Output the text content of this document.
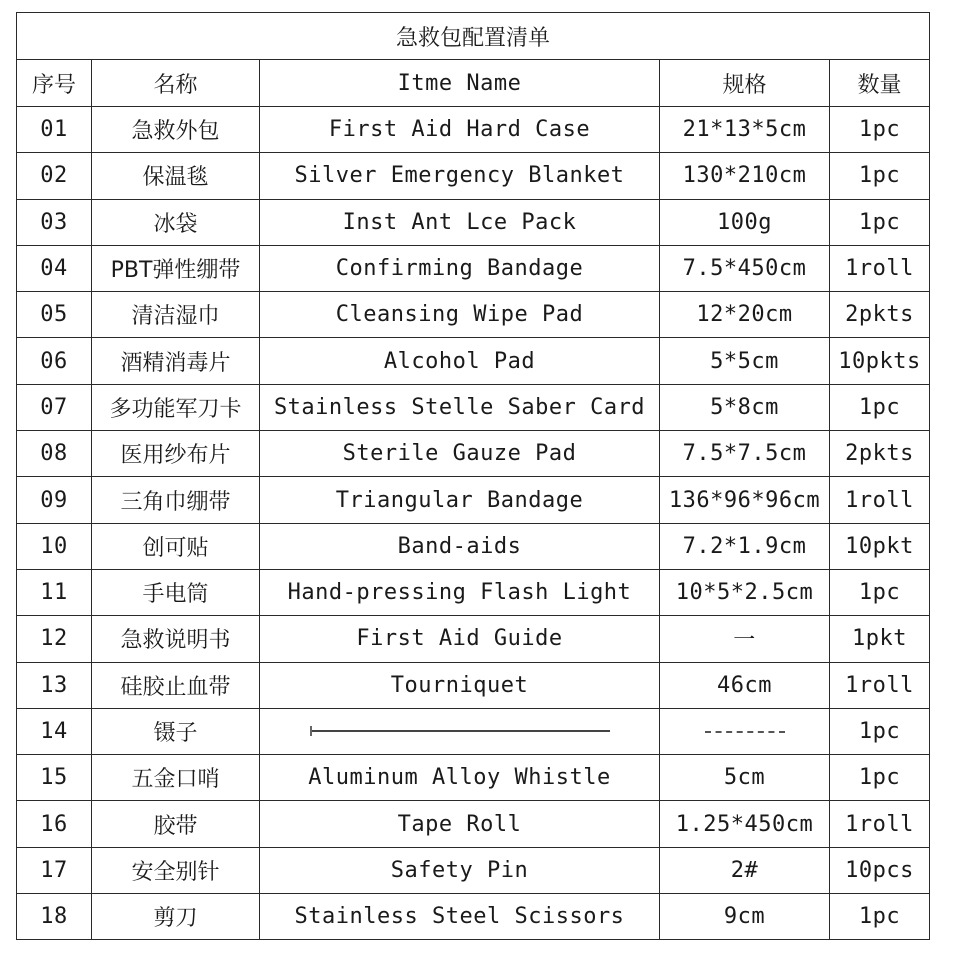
急救包配置清单				
序号	名称	Itme Name	规格	数量
01	急救外包	First Aid Hard Case	21*13*5cm	1pc
02	保温毯	Silver Emergency Blanket	130*210cm	1pc
03	冰袋	Inst Ant Lce Pack	100g	1pc
04	PBT弹性绷带	Confirming Bandage	7.5*450cm	1roll
05	清洁湿巾	Cleansing Wipe Pad	12*20cm	2pkts
06	酒精消毒片	Alcohol Pad	5*5cm	10pkts
07	多功能军刀卡	Stainless Stelle Saber Card	5*8cm	1pc
08	医用纱布片	Sterile Gauze Pad	7.5*7.5cm	2pkts
09	三角巾绷带	Triangular Bandage	136*96*96cm	1roll
10	创可贴	Band-aids	7.2*1.9cm	10pkt
11	手电筒	Hand-pressing Flash Light	10*5*2.5cm	1pc
12	急救说明书	First Aid Guide	一	1pkt
13	硅胶止血带	Tourniquet	46cm	1roll
14	镊子			1pc
15	五金口哨	Aluminum Alloy Whistle	5cm	1pc
16	胶带	Tape Roll	1.25*450cm	1roll
17	安全别针	Safety Pin	2#	10pcs
18	剪刀	Stainless Steel Scissors	9cm	1pc
